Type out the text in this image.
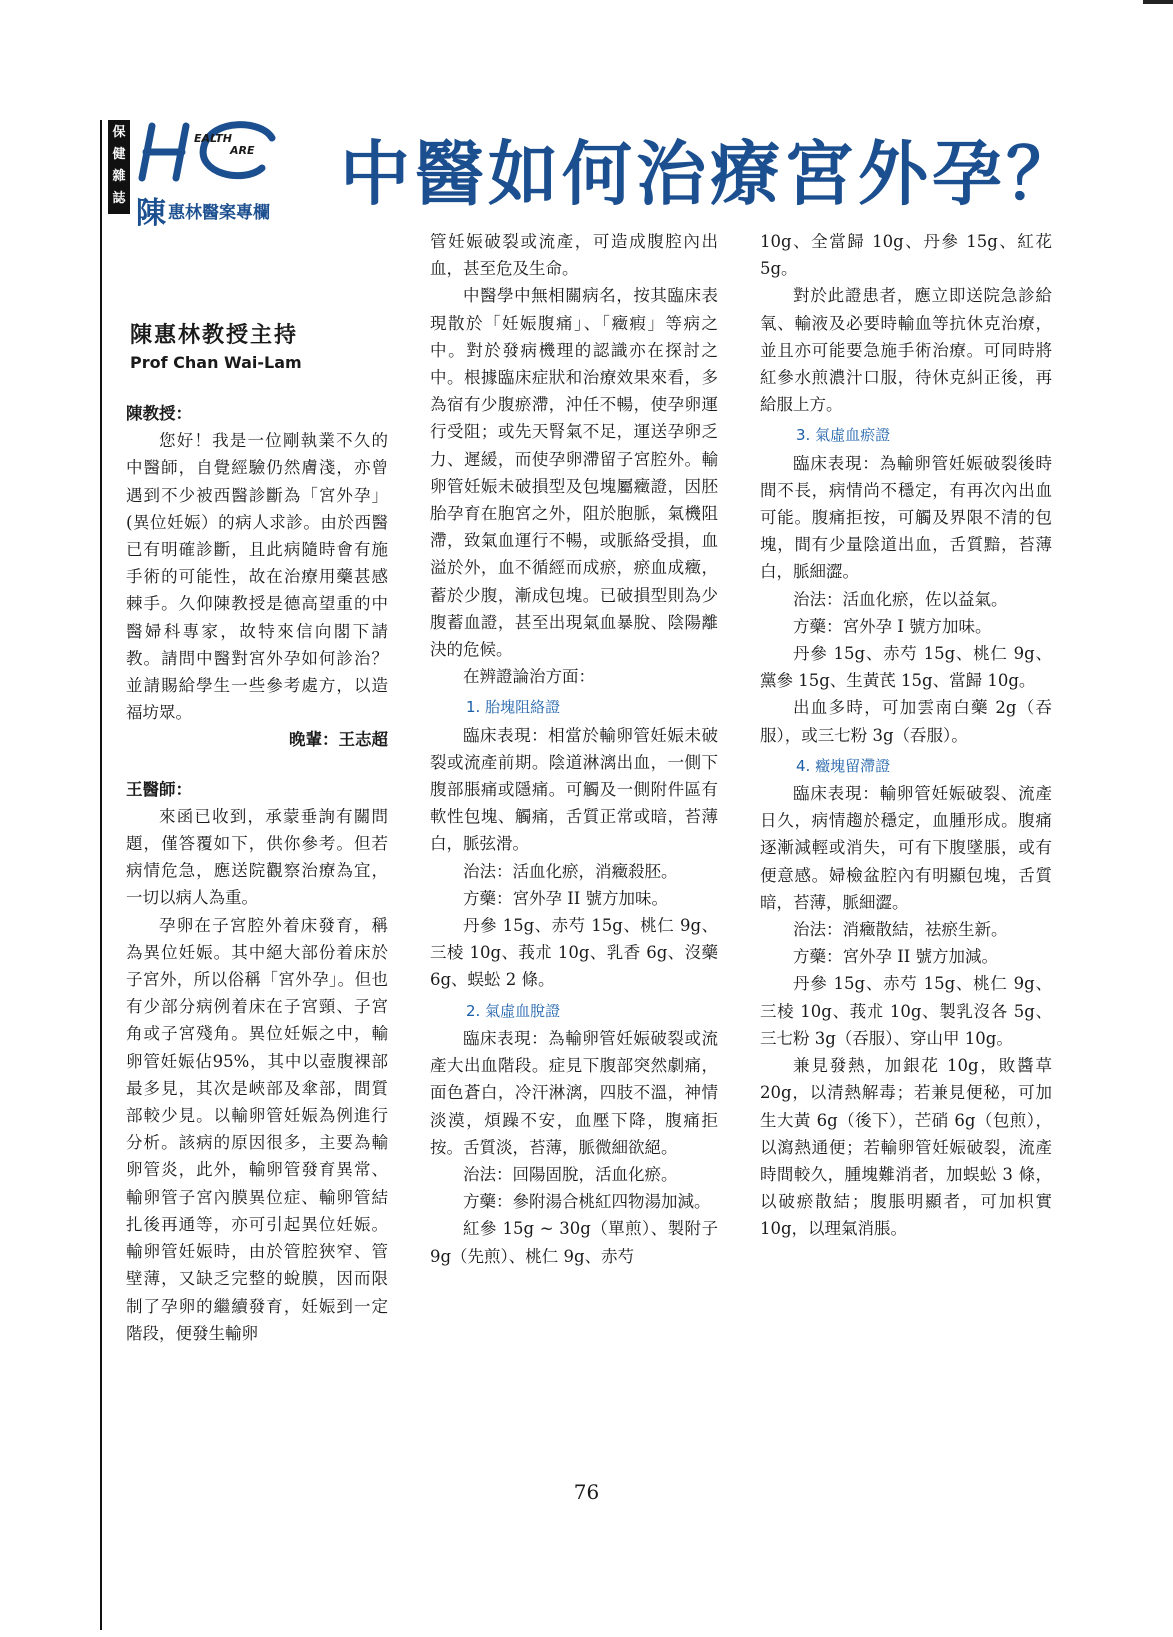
保
健
雜
誌
EALTH
ARE
陳惠林醫案專欄 中醫如何治療宮外孕？
陳惠林教授主持
Prof Chan Wai-Lam

陳教授：

您好！我是一位剛執業不久的中醫師，自覺經驗仍然膚淺，亦曾遇到不少被西醫診斷為「宮外孕」(異位妊娠）的病人求診。由於西醫已有明確診斷，且此病隨時會有施手術的可能性，故在治療用藥甚感棘手。久仰陳教授是德高望重的中醫婦科專家，故特來信向閣下請教。請問中醫對宮外孕如何診治？並請賜給學生一些參考處方，以造福坊眾。

晚輩：王志超

王醫師：

來函已收到，承蒙垂詢有關問題，僅答覆如下，供你參考。但若病情危急，應送院觀察治療為宜，一切以病人為重。

孕卵在子宮腔外着床發育，稱為異位妊娠。其中絕大部份着床於子宮外，所以俗稱「宮外孕」。但也有少部分病例着床在子宮頸、子宮角或子宮殘角。異位妊娠之中，輸卵管妊娠佔95%，其中以壺腹裸部最多見，其次是峽部及傘部，間質部較少見。以輸卵管妊娠為例進行分析。該病的原因很多，主要為輸卵管炎，此外，輸卵管發育異常、輸卵管子宮內膜異位症、輸卵管結扎後再通等，亦可引起異位妊娠。輸卵管妊娠時，由於管腔狹窄、管壁薄，又缺乏完整的蛻膜，因而限制了孕卵的繼續發育，妊娠到一定階段，便發生輸卵

管妊娠破裂或流產，可造成腹腔內出血，甚至危及生命。

中醫學中無相關病名，按其臨床表現散於「妊娠腹痛」、「癥瘕」等病之中。對於發病機理的認識亦在探討之中。根據臨床症狀和治療效果來看，多為宿有少腹瘀滯，沖任不暢，使孕卵運行受阻；或先天腎氣不足，運送孕卵乏力、遲緩，而使孕卵滯留子宮腔外。輸卵管妊娠未破損型及包塊屬癥證，因胚胎孕育在胞宮之外，阻於胞脈，氣機阻滯，致氣血運行不暢，或脈絡受損，血溢於外，血不循經而成瘀，瘀血成癥，蓄於少腹，漸成包塊。已破損型則為少腹蓄血證，甚至出現氣血暴脫、陰陽離決的危候。

在辨證論治方面：

1. 胎塊阻絡證

臨床表現：相當於輸卵管妊娠未破裂或流產前期。陰道淋漓出血，一側下腹部脹痛或隱痛。可觸及一側附件區有軟性包塊、觸痛，舌質正常或暗，苔薄白，脈弦滑。

治法：活血化瘀，消癥殺胚。

方藥：宮外孕 II 號方加味。

丹參 15g、赤芍 15g、桃仁 9g、三棱 10g、莪朮 10g、乳香 6g、沒藥 6g、蜈蚣 2 條。

2. 氣虛血脫證

臨床表現：為輸卵管妊娠破裂或流產大出血階段。症見下腹部突然劇痛，面色蒼白，冷汗淋漓，四肢不溫，神情淡漠，煩躁不安，血壓下降，腹痛拒按。舌質淡，苔薄，脈微細欲絕。

治法：回陽固脫，活血化瘀。

方藥：參附湯合桃紅四物湯加減。

紅參 15g ~ 30g（單煎）、製附子 9g（先煎）、桃仁 9g、赤芍

10g、全當歸 10g、丹參 15g、紅花 5g。

對於此證患者，應立即送院急診給氧、輸液及必要時輸血等抗休克治療，並且亦可能要急施手術治療。可同時將紅參水煎濃汁口服，待休克糾正後，再給服上方。

3. 氣虛血瘀證

臨床表現：為輸卵管妊娠破裂後時間不長，病情尚不穩定，有再次內出血可能。腹痛拒按，可觸及界限不清的包塊，間有少量陰道出血，舌質黯，苔薄白，脈細澀。

治法：活血化瘀，佐以益氣。

方藥：宮外孕 I 號方加味。

丹參 15g、赤芍 15g、桃仁 9g、黨參 15g、生黃芪 15g、當歸 10g。

出血多時，可加雲南白藥 2g（吞服），或三七粉 3g（吞服）。

4. 癥塊留滯證

臨床表現：輸卵管妊娠破裂、流產日久，病情趨於穩定，血腫形成。腹痛逐漸減輕或消失，可有下腹墜脹，或有便意感。婦檢盆腔內有明顯包塊，舌質暗，苔薄，脈細澀。

治法：消癥散結，祛瘀生新。

方藥：宮外孕 II 號方加減。

丹參 15g、赤芍 15g、桃仁 9g、三棱 10g、莪朮 10g、製乳沒各 5g、三七粉 3g（吞服）、穿山甲 10g。

兼見發熱，加銀花 10g，敗醬草 20g，以清熱解毒；若兼見便秘，可加生大黃 6g（後下），芒硝 6g（包煎），以瀉熱通便；若輸卵管妊娠破裂，流產時間較久，腫塊難消者，加蜈蚣 3 條，以破瘀散結；腹脹明顯者，可加枳實 10g，以理氣消脹。

76
